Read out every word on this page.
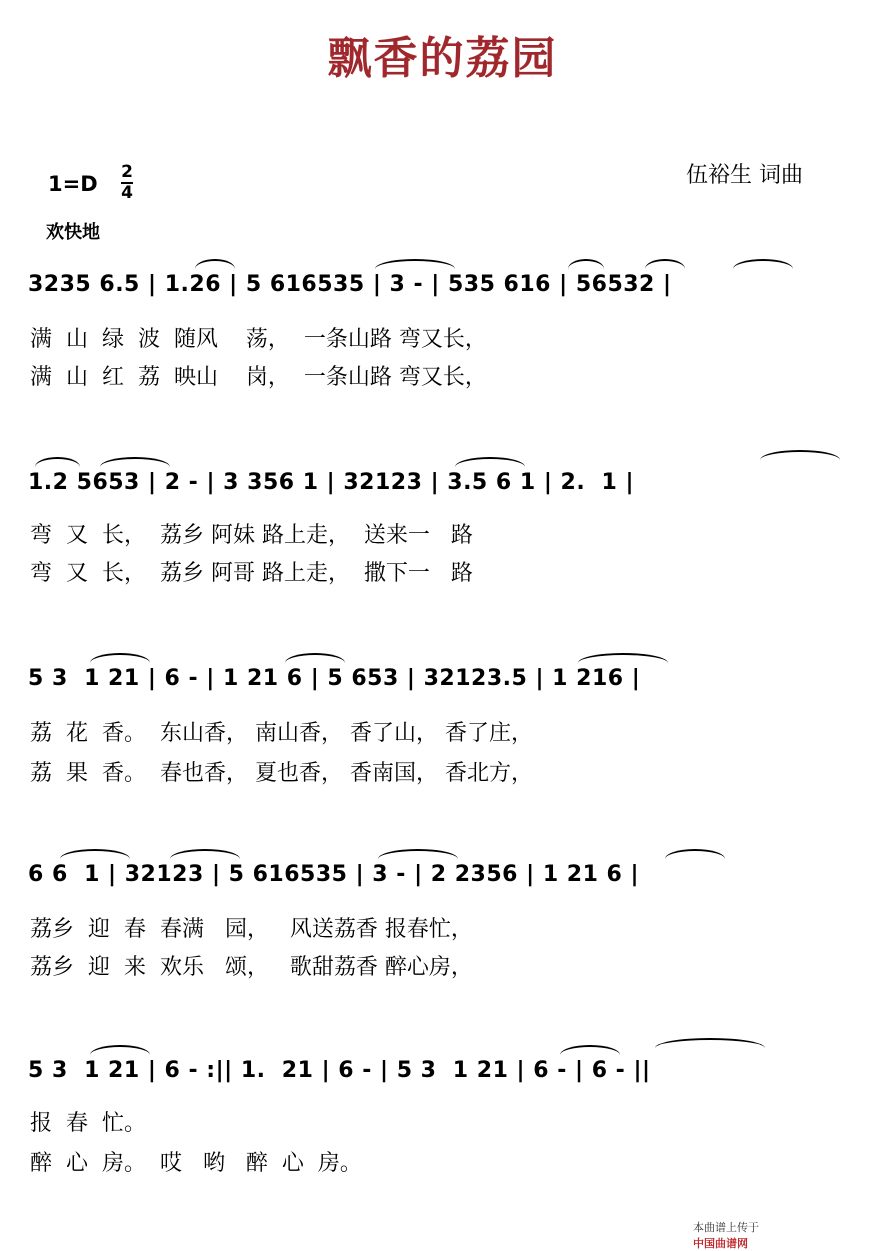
飘香的荔园
伍裕生 词曲
1=D 2
4
欢快地
3235 6.5 | 1.26 | 5 616535 | 3 - | 535 616 | 56532 |
满  山  绿  波  随风    荡，  一条山路 弯又长，
满  山  红  荔  映山    岗，  一条山路 弯又长，
1.2 5653 | 2 - | 3 356 1 | 32123 | 3.5 6 1 | 2.  1 |
弯  又  长，  荔乡 阿妹 路上走，  送来一   路
弯  又  长，  荔乡 阿哥 路上走，  撒下一   路
5 3  1 21 | 6 - | 1 21 6 | 5 653 | 32123.5 | 1 216 |
荔  花  香。  东山香， 南山香， 香了山， 香了庄，
荔  果  香。  春也香， 夏也香， 香南国， 香北方，
6 6  1 | 32123 | 5 616535 | 3 - | 2 2356 | 1 21 6 |
荔乡  迎  春  春满   园，   风送荔香 报春忙，
荔乡  迎  来  欢乐   颂，   歌甜荔香 醉心房，
5 3  1 21 | 6 - :|| 1.  21 | 6 - | 5 3  1 21 | 6 - | 6 - ||
报  春  忙。
醉  心  房。  哎   哟   醉  心  房。

本曲谱上传于
中国曲谱网
